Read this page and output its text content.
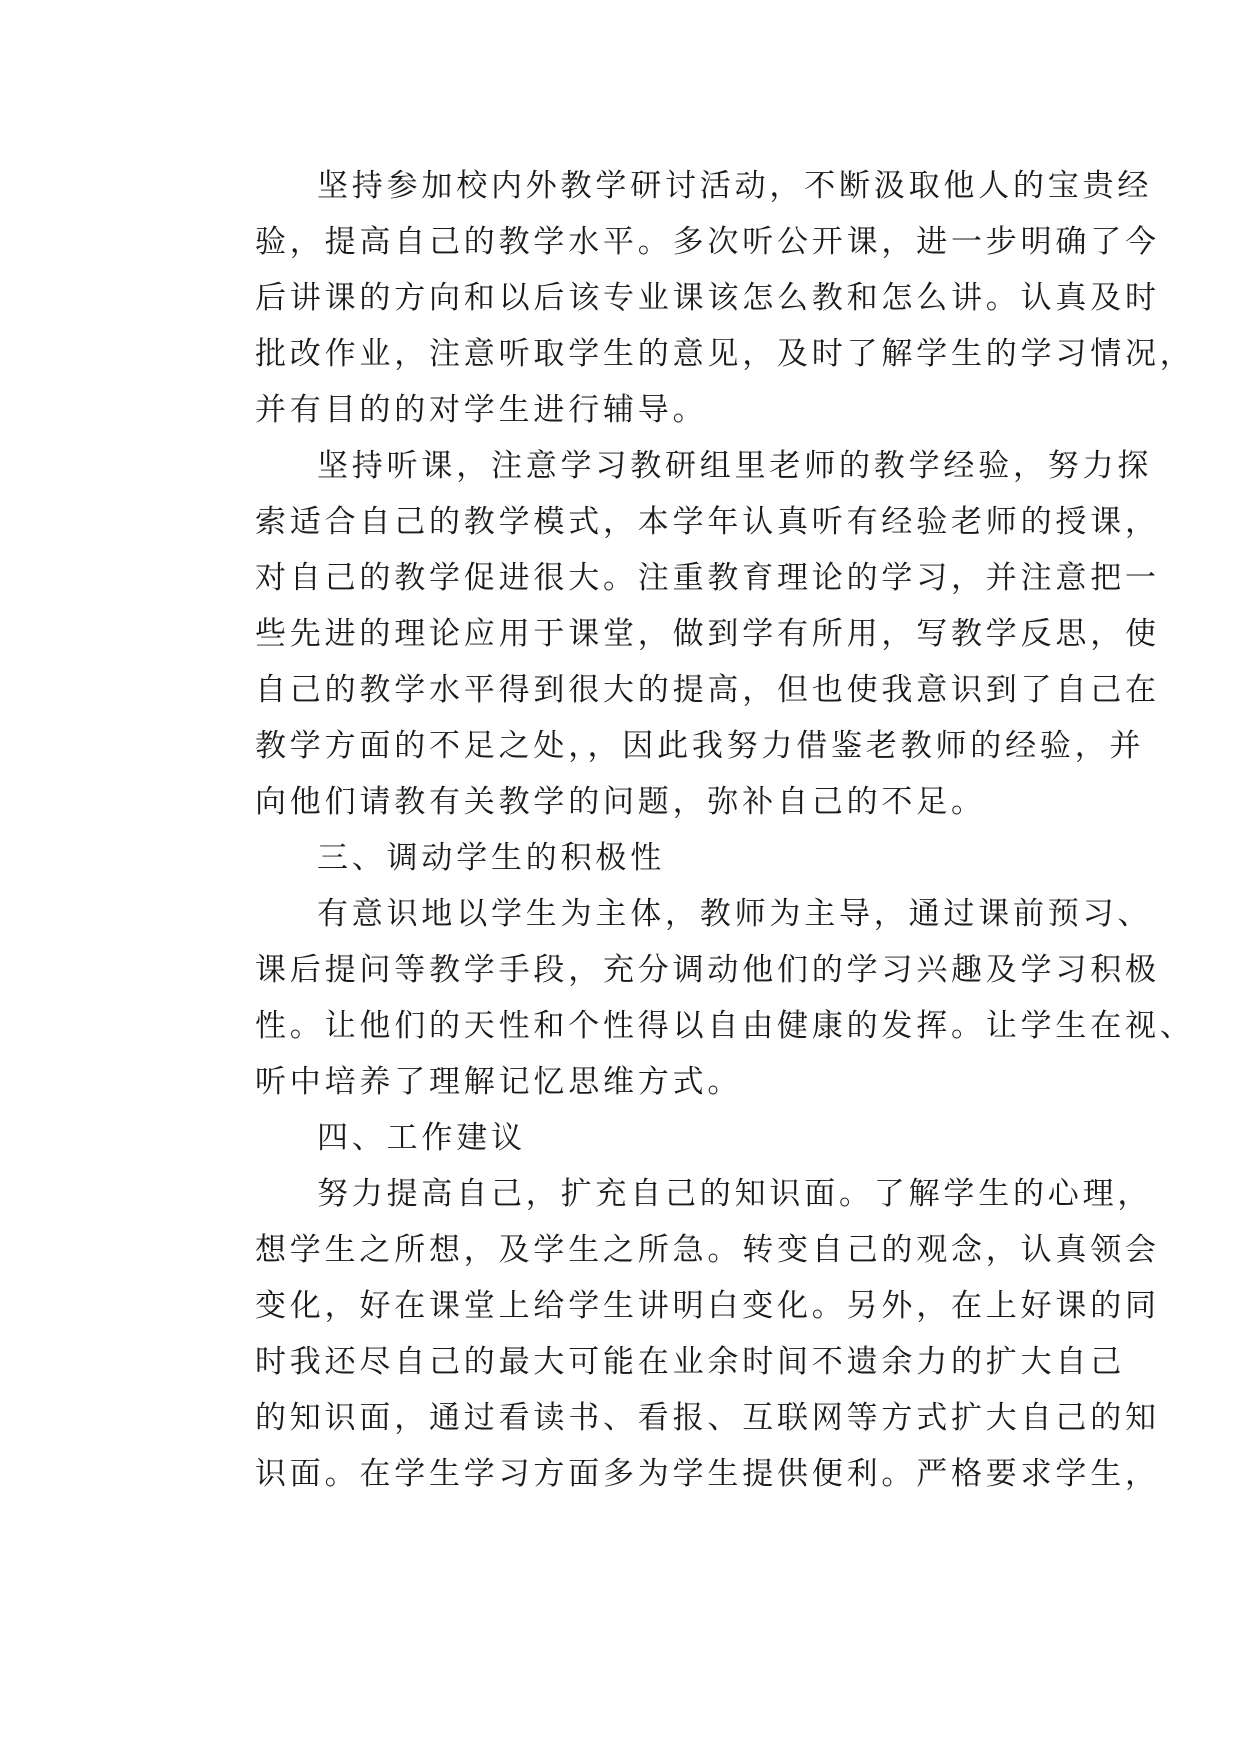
坚持参加校内外教学研讨活动，不断汲取他人的宝贵经
验，提高自己的教学水平。多次听公开课，进一步明确了今
后讲课的方向和以后该专业课该怎么教和怎么讲。认真及时
批改作业，注意听取学生的意见，及时了解学生的学习情况，
并有目的的对学生进行辅导。
坚持听课，注意学习教研组里老师的教学经验，努力探
索适合自己的教学模式，本学年认真听有经验老师的授课，
对自己的教学促进很大。注重教育理论的学习，并注意把一
些先进的理论应用于课堂，做到学有所用，写教学反思，使
自己的教学水平得到很大的提高，但也使我意识到了自己在
教学方面的不足之处，，因此我努力借鉴老教师的经验，并
向他们请教有关教学的问题，弥补自己的不足。
三、调动学生的积极性
有意识地以学生为主体，教师为主导，通过课前预习、
课后提问等教学手段，充分调动他们的学习兴趣及学习积极
性。让他们的天性和个性得以自由健康的发挥。让学生在视、
听中培养了理解记忆思维方式。
四、工作建议
努力提高自己，扩充自己的知识面。了解学生的心理，
想学生之所想，及学生之所急。转变自己的观念，认真领会
变化，好在课堂上给学生讲明白变化。另外，在上好课的同
时我还尽自己的最大可能在业余时间不遗余力的扩大自己
的知识面，通过看读书、看报、互联网等方式扩大自己的知
识面。在学生学习方面多为学生提供便利。严格要求学生，
